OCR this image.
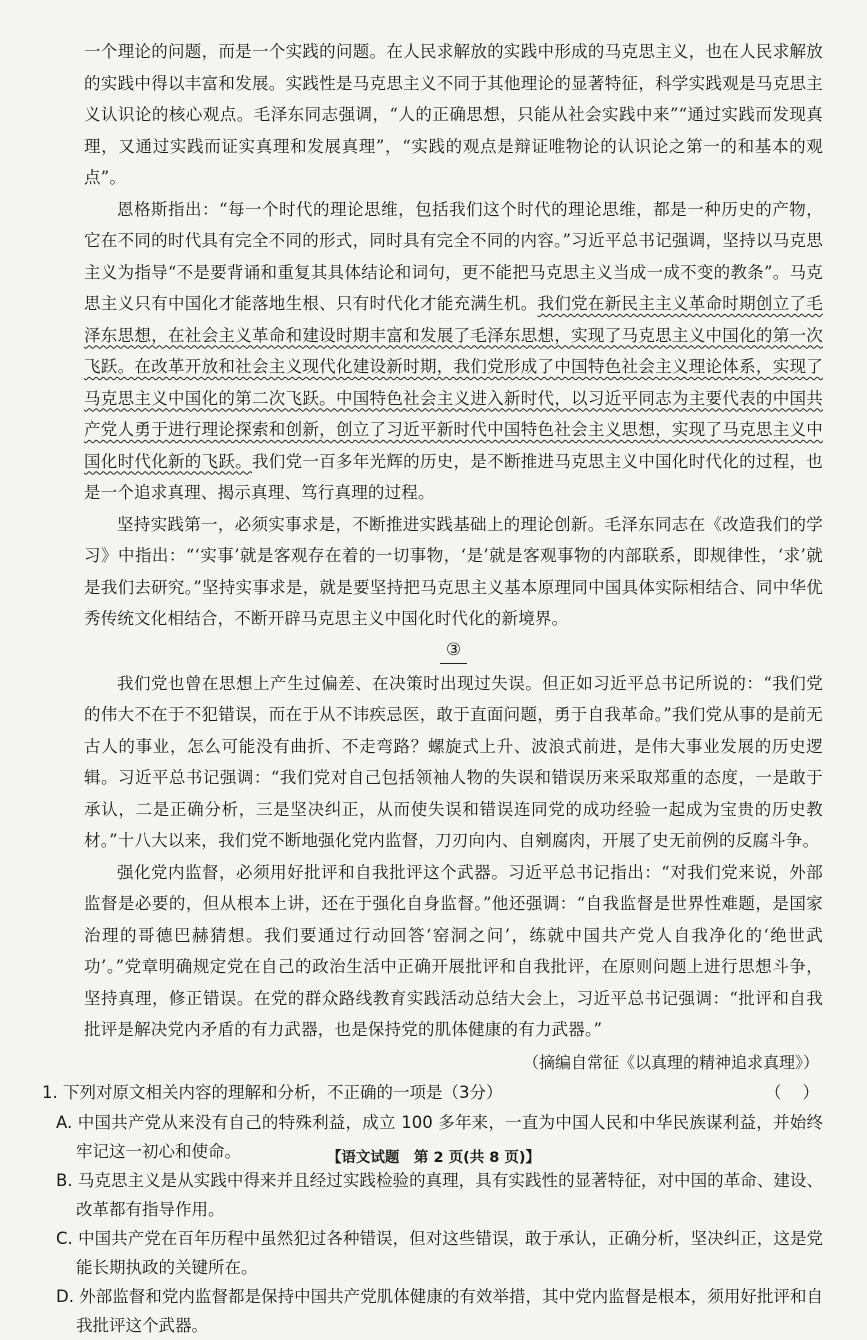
一个理论的问题，而是一个实践的问题。在人民求解放的实践中形成的马克思主义，也在人民求解放的实践中得以丰富和发展。实践性是马克思主义不同于其他理论的显著特征，科学实践观是马克思主义认识论的核心观点。毛泽东同志强调，“人的正确思想，只能从社会实践中来”“通过实践而发现真理，又通过实践而证实真理和发展真理”，“实践的观点是辩证唯物论的认识论之第一的和基本的观点”。

恩格斯指出：“每一个时代的理论思维，包括我们这个时代的理论思维，都是一种历史的产物，它在不同的时代具有完全不同的形式，同时具有完全不同的内容。”习近平总书记强调，坚持以马克思主义为指导“不是要背诵和重复其具体结论和词句，更不能把马克思主义当成一成不变的教条”。马克思主义只有中国化才能落地生根、只有时代化才能充满生机。我们党在新民主主义革命时期创立了毛泽东思想，在社会主义革命和建设时期丰富和发展了毛泽东思想，实现了马克思主义中国化的第一次飞跃。在改革开放和社会主义现代化建设新时期，我们党形成了中国特色社会主义理论体系，实现了马克思主义中国化的第二次飞跃。中国特色社会主义进入新时代，以习近平同志为主要代表的中国共产党人勇于进行理论探索和创新，创立了习近平新时代中国特色社会主义思想，实现了马克思主义中国化时代化新的飞跃。我们党一百多年光辉的历史，是不断推进马克思主义中国化时代化的过程，也是一个追求真理、揭示真理、笃行真理的过程。

坚持实践第一，必须实事求是，不断推进实践基础上的理论创新。毛泽东同志在《改造我们的学习》中指出：“‘实事’就是客观存在着的一切事物，‘是’就是客观事物的内部联系，即规律性，‘求’就是我们去研究。”坚持实事求是，就是要坚持把马克思主义基本原理同中国具体实际相结合、同中华优秀传统文化相结合，不断开辟马克思主义中国化时代化的新境界。

③

我们党也曾在思想上产生过偏差、在决策时出现过失误。但正如习近平总书记所说的：“我们党的伟大不在于不犯错误，而在于从不讳疾忌医，敢于直面问题，勇于自我革命。”我们党从事的是前无古人的事业，怎么可能没有曲折、不走弯路？螺旋式上升、波浪式前进，是伟大事业发展的历史逻辑。习近平总书记强调：“我们党对自己包括领袖人物的失误和错误历来采取郑重的态度，一是敢于承认，二是正确分析，三是坚决纠正，从而使失误和错误连同党的成功经验一起成为宝贵的历史教材。”十八大以来，我们党不断地强化党内监督，刀刃向内、自剜腐肉，开展了史无前例的反腐斗争。

强化党内监督，必须用好批评和自我批评这个武器。习近平总书记指出：“对我们党来说，外部监督是必要的，但从根本上讲，还在于强化自身监督。”他还强调：“自我监督是世界性难题，是国家治理的哥德巴赫猜想。我们要通过行动回答‘窑洞之问’，练就中国共产党人自我净化的‘绝世武功’。”党章明确规定党在自己的政治生活中正确开展批评和自我批评，在原则问题上进行思想斗争，坚持真理，修正错误。在党的群众路线教育实践活动总结大会上，习近平总书记强调：“批评和自我批评是解决党内矛盾的有力武器，也是保持党的肌体健康的有力武器。”

（摘编自常征《以真理的精神追求真理》）
1. 下列对原文相关内容的理解和分析，不正确的一项是（3分）	（    ）
A. 中国共产党从来没有自己的特殊利益，成立 100 多年来，一直为中国人民和中华民族谋利益，并始终牢记这一初心和使命。
B. 马克思主义是从实践中得来并且经过实践检验的真理，具有实践性的显著特征，对中国的革命、建设、改革都有指导作用。
C. 中国共产党在百年历程中虽然犯过各种错误，但对这些错误，敢于承认，正确分析，坚决纠正，这是党能长期执政的关键所在。
D. 外部监督和党内监督都是保持中国共产党肌体健康的有效举措，其中党内监督是根本，须用好批评和自我批评这个武器。
【语文试题　第 2 页(共 8 页)】
